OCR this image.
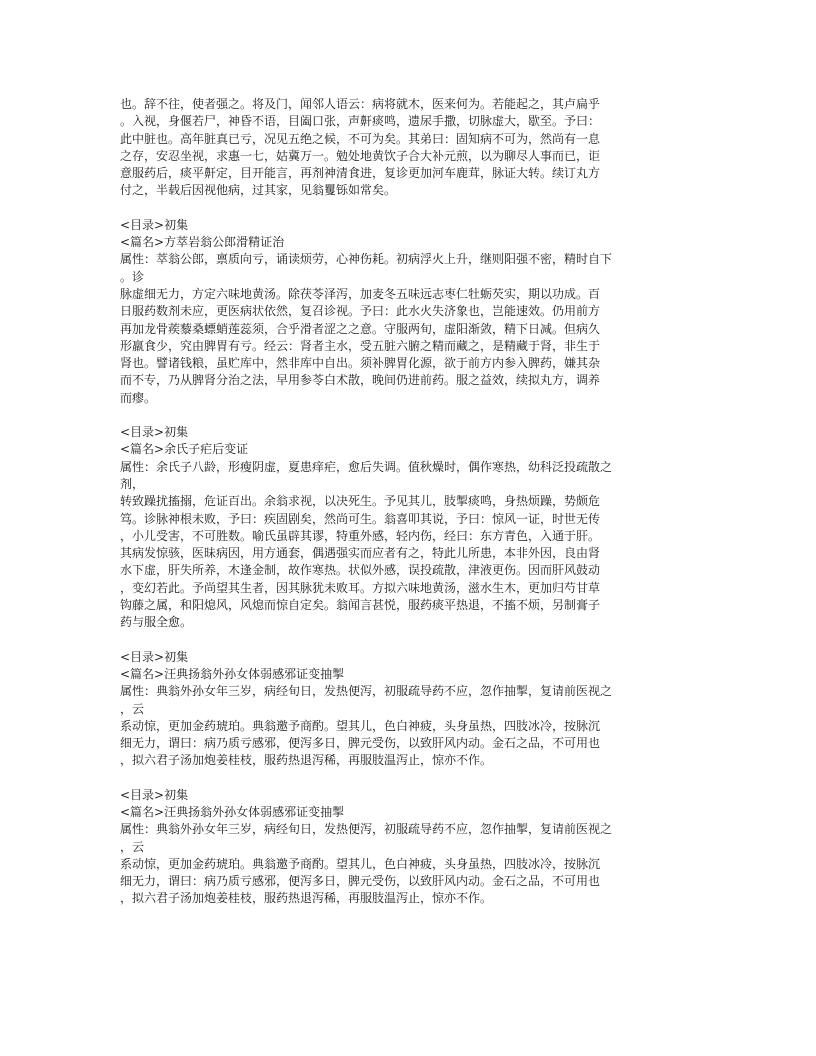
也。辞不往，使者强之。将及门，闻邻人语云：病将就木，医来何为。若能起之，其卢扁乎
。入视，身偃若尸，神昏不语，目阖口张，声鼾痰鸣，遗尿手撒，切脉虚大，歇至。予曰：
此中脏也。高年脏真已亏，况见五绝之候，不可为矣。其弟曰：固知病不可为，然尚有一息
之存，安忍坐视，求惠一七，姑冀万一。勉处地黄饮子合大补元煎，以为聊尽人事而已，讵
意服药后，痰平鼾定，目开能言，再剂神清食进，复诊更加河车鹿茸，脉证大转。续订丸方
付之，半载后因视他病，过其家，见翁矍铄如常矣。
<目录>初集
<篇名>方萃岩翁公郎滑精证治
属性：萃翁公郎，禀质向亏，诵读烦劳，心神伤耗。初病浮火上升，继则阳强不密，精时自下
。诊
脉虚细无力，方定六味地黄汤。除茯苓泽泻，加麦冬五味远志枣仁牡蛎芡实，期以功成。百
日服药数剂未应，更医病状依然，复召诊视。予曰：此水火失济象也，岂能速效。仍用前方
再加龙骨蒺藜桑螵蛸莲蕊须，合乎滑者涩之之意。守服两旬，虚阳渐敛，精下日减。但病久
形羸食少，究由脾胃有亏。经云：肾者主水，受五脏六腑之精而藏之，是精藏于肾，非生于
肾也。譬诸钱粮，虽贮库中，然非库中自出。须补脾胃化源，欲于前方内参入脾药，嫌其杂
而不专，乃从脾肾分治之法，早用参苓白术散，晚间仍进前药。服之益效，续拟丸方，调养
而瘳。
<目录>初集
<篇名>余氏子疟后变证
属性：余氏子八龄，形瘦阴虚，夏患痒疟，愈后失调。值秋燥时，偶作寒热，幼科泛投疏散之
剂，
转致躁扰搐搦，危证百出。余翁求视，以决死生。予见其儿，肢掣痰鸣，身热烦躁，势颇危
笃。诊脉神根未败，予曰：疾固剧矣，然尚可生。翁喜叩其说，予曰：惊风一证，时世无传
，小儿受害，不可胜数。喻氏虽辟其谬，特重外感，轻内伤，经曰：东方青色，入通于肝。
其病发惊骇，医昧病因，用方通套，偶遇强实而应者有之，特此儿所患，本非外因，良由肾
水下虚，肝失所养，木逢金制，故作寒热。状似外感，误投疏散，津液更伤。因而肝风鼓动
，变幻若此。予尚望其生者，因其脉犹未败耳。方拟六味地黄汤，滋水生木，更加归芍甘草
钩藤之属，和阳熄风，风熄而惊自定矣。翁闻言甚悦，服药痰平热退，不搐不烦，另制膏子
药与服全愈。
<目录>初集
<篇名>汪典扬翁外孙女体弱感邪证变抽掣
属性：典翁外孙女年三岁，病经旬日，发热便泻，初服疏导药不应，忽作抽掣，复请前医视之
，云
系动惊，更加金药琥珀。典翁邀予商酌。望其儿，色白神疲，头身虽热，四肢冰冷，按脉沉
细无力，谓曰：病乃质亏感邪，便泻多日，脾元受伤，以致肝风内动。金石之品，不可用也
，拟六君子汤加炮姜桂枝，服药热退泻稀，再服肢温泻止，惊亦不作。
<目录>初集
<篇名>汪典扬翁外孙女体弱感邪证变抽掣
属性：典翁外孙女年三岁，病经旬日，发热便泻，初服疏导药不应，忽作抽掣，复请前医视之
，云
系动惊，更加金药琥珀。典翁邀予商酌。望其儿，色白神疲，头身虽热，四肢冰冷，按脉沉
细无力，谓曰：病乃质亏感邪，便泻多日，脾元受伤，以致肝风内动。金石之品，不可用也
，拟六君子汤加炮姜桂枝，服药热退泻稀，再服肢温泻止，惊亦不作。
